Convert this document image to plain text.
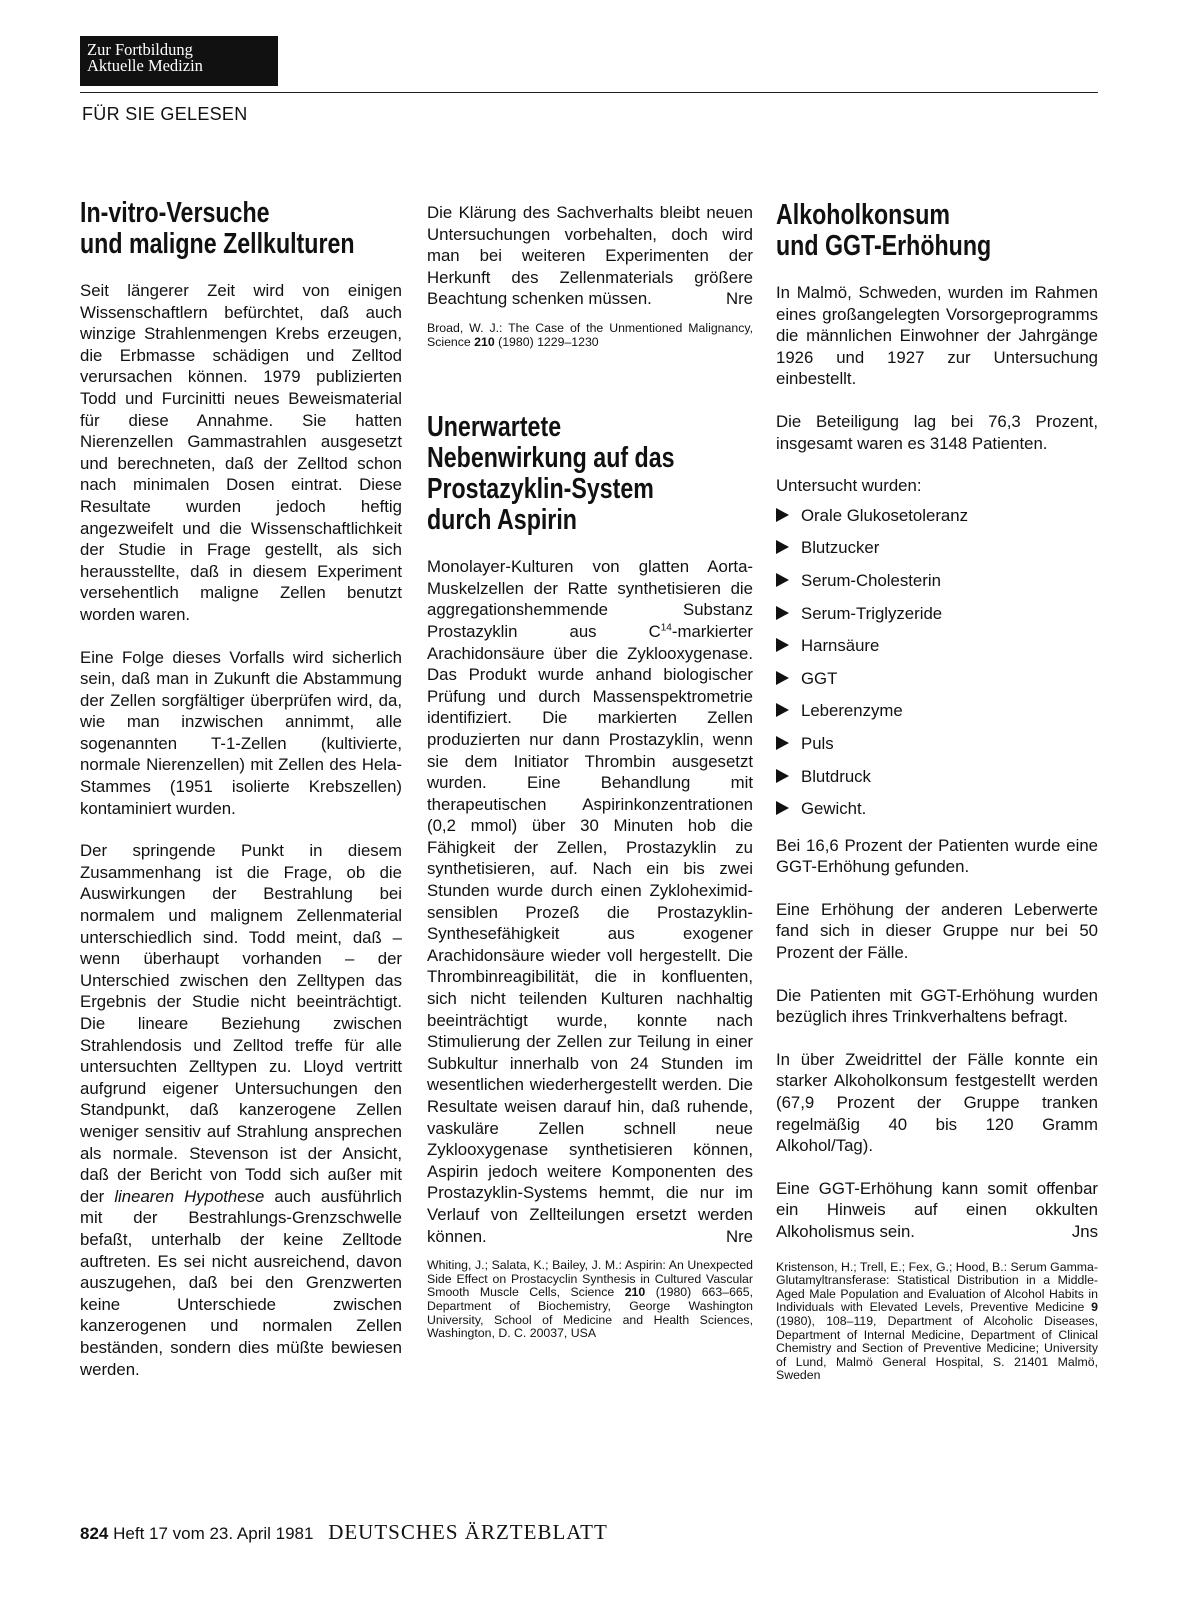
Zur Fortbildung
Aktuelle Medizin
FÜR SIE GELESEN
In-vitro-Versuche
und maligne Zellkulturen

Seit längerer Zeit wird von einigen Wissenschaftlern befürchtet, daß auch winzige Strahlenmengen Krebs erzeugen, die Erbmasse schädigen und Zelltod verursachen können. 1979 publizierten Todd und Furcinitti neues Beweismaterial für diese Annahme. Sie hatten Nierenzellen Gammastrahlen ausgesetzt und berechneten, daß der Zelltod schon nach minimalen Dosen eintrat. Diese Resultate wurden jedoch heftig angezweifelt und die Wissenschaftlichkeit der Studie in Frage gestellt, als sich herausstellte, daß in diesem Experiment versehentlich maligne Zellen benutzt worden waren.

Eine Folge dieses Vorfalls wird sicherlich sein, daß man in Zukunft die Abstammung der Zellen sorgfältiger überprüfen wird, da, wie man inzwischen annimmt, alle sogenannten T-1-Zellen (kultivierte, normale Nierenzellen) mit Zellen des Hela-Stammes (1951 isolierte Krebszellen) kontaminiert wurden.

Der springende Punkt in diesem Zusammenhang ist die Frage, ob die Auswirkungen der Bestrahlung bei normalem und malignem Zellenmaterial unterschiedlich sind. Todd meint, daß – wenn überhaupt vorhanden – der Unterschied zwischen den Zelltypen das Ergebnis der Studie nicht beeinträchtigt. Die lineare Beziehung zwischen Strahlendosis und Zelltod treffe für alle untersuchten Zelltypen zu. Lloyd vertritt aufgrund eigener Untersuchungen den Standpunkt, daß kanzerogene Zellen weniger sensitiv auf Strahlung ansprechen als normale. Stevenson ist der Ansicht, daß der Bericht von Todd sich außer mit der linearen Hypothese auch ausführlich mit der Bestrahlungs-Grenzschwelle befaßt, unterhalb der keine Zelltode auftreten. Es sei nicht ausreichend, davon auszugehen, daß bei den Grenzwerten keine Unterschiede zwischen kanzerogenen und normalen Zellen beständen, sondern dies müßte bewiesen werden.

Die Klärung des Sachverhalts bleibt neuen Untersuchungen vorbehalten, doch wird man bei weiteren Experimenten der Herkunft des Zellenmaterials größere Beachtung schenken müssen.	Nre

Broad, W. J.: The Case of the Unmentioned Malignancy, Science 210 (1980) 1229–1230

Unerwartete
Nebenwirkung auf das
Prostazyklin-System
durch Aspirin

Monolayer-Kulturen von glatten Aorta-Muskelzellen der Ratte synthetisieren die aggregationshemmende Substanz Prostazyklin aus $C^{14}$-markierter Arachidonsäure über die Zyklooxygenase. Das Produkt wurde anhand biologischer Prüfung und durch Massenspektrometrie identifiziert. Die markierten Zellen produzierten nur dann Prostazyklin, wenn sie dem Initiator Thrombin ausgesetzt wurden. Eine Behandlung mit therapeutischen Aspirinkonzentrationen (0,2 mmol) über 30 Minuten hob die Fähigkeit der Zellen, Prostazyklin zu synthetisieren, auf. Nach ein bis zwei Stunden wurde durch einen Zykloheximid-sensiblen Prozeß die Prostazyklin-Synthesefähigkeit aus exogener Arachidonsäure wieder voll hergestellt. Die Thrombinreagibilität, die in konfluenten, sich nicht teilenden Kulturen nachhaltig beeinträchtigt wurde, konnte nach Stimulierung der Zellen zur Teilung in einer Subkultur innerhalb von 24 Stunden im wesentlichen wiederhergestellt werden. Die Resultate weisen darauf hin, daß ruhende, vaskuläre Zellen schnell neue Zyklooxygenase synthetisieren können, Aspirin jedoch weitere Komponenten des Prostazyklin-Systems hemmt, die nur im Verlauf von Zellteilungen ersetzt werden können.	Nre

Whiting, J.; Salata, K.; Bailey, J. M.: Aspirin: An Unexpected Side Effect on Prostacyclin Synthesis in Cultured Vascular Smooth Muscle Cells, Science 210 (1980) 663–665, Department of Biochemistry, George Washington University, School of Medicine and Health Sciences, Washington, D. C. 20037, USA

Alkoholkonsum
und GGT-Erhöhung

In Malmö, Schweden, wurden im Rahmen eines großangelegten Vorsorgeprogramms die männlichen Einwohner der Jahrgänge 1926 und 1927 zur Untersuchung einbestellt.

Die Beteiligung lag bei 76,3 Prozent, insgesamt waren es 3148 Patienten.

Untersucht wurden:

Orale Glukosetoleranz
Blutzucker
Serum-Cholesterin
Serum-Triglyzeride
Harnsäure
GGT
Leberenzyme
Puls
Blutdruck
Gewicht.

Bei 16,6 Prozent der Patienten wurde eine GGT-Erhöhung gefunden.

Eine Erhöhung der anderen Leberwerte fand sich in dieser Gruppe nur bei 50 Prozent der Fälle.

Die Patienten mit GGT-Erhöhung wurden bezüglich ihres Trinkverhaltens befragt.

In über Zweidrittel der Fälle konnte ein starker Alkoholkonsum festgestellt werden (67,9 Prozent der Gruppe tranken regelmäßig 40 bis 120 Gramm Alkohol/Tag).

Eine GGT-Erhöhung kann somit offenbar ein Hinweis auf einen okkulten Alkoholismus sein.	Jns

Kristenson, H.; Trell, E.; Fex, G.; Hood, B.: Serum Gamma-Glutamyltransferase: Statistical Distribution in a Middle-Aged Male Population and Evaluation of Alcohol Habits in Individuals with Elevated Levels, Preventive Medicine 9 (1980), 108–119, Department of Alcoholic Diseases, Department of Internal Medicine, Department of Clinical Chemistry and Section of Preventive Medicine; University of Lund, Malmö General Hospital, S. 21401 Malmö, Sweden

824 Heft 17 vom 23. April 1981 DEUTSCHES ÄRZTEBLATT
